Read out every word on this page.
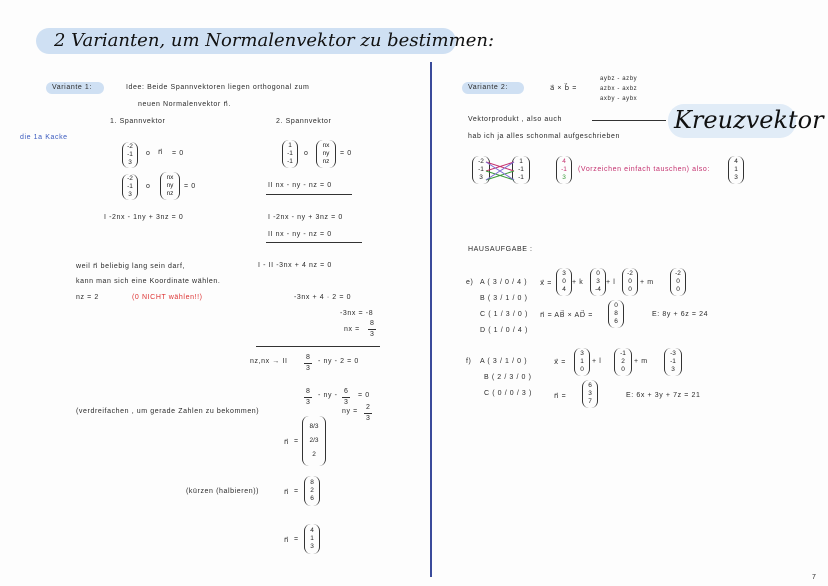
2 Varianten, um Normalenvektor zu bestimmen:
Variante 1:	Idee: Beide Spannvektoren liegen orthogonal zum
neuen Normalenvektor n⃗.
die 1a Kacke
1. Spannvektor	2. Spannvektor
-2
-1
3
o n⃗ = 0
-2
-1
3
o
nx
ny
nz
= 0
1
-1
-1
o
nx
ny
nz
= 0
II nx - ny - nz = 0
I -2nx - 1ny + 3nz = 0	I -2nx - ny + 3nz = 0
II nx - ny - nz = 0
weil n⃗ beliebig lang sein darf,
kann man sich eine Koordinate wählen.
nz = 2	(0 NICHT wählen!!)
I - II -3nx + 4 nz = 0
-3nx + 4 · 2 = 0
-3nx = -8
nx =
8
3
nz,nx → II
8
3
- ny - 2 = 0
8
3
- ny -
6
3
= 0
ny =
2
3
(verdreifachen , um gerade Zahlen zu bekommen)
n⃗ =
8/3
2/3
2
(kürzen (halbieren))	n⃗ =
8
2
6
n⃗ =
4
1
3
Variante 2:	a⃗ × b⃗ =
aybz - azby
azbx - axbz
axby - aybx
Vektorprodukt , also auch
hab ich ja alles schonmal aufgeschrieben
Kreuzvektor
-2
-1
3
1
-1
-1
4
-1
3
(Vorzeichen einfach tauschen) also:
4
1
3
HAUSAUFGABE :
e) A ( 3 / 0 / 4 )
B ( 3 / 1 / 0 )
C ( 1 / 3 / 0 )
D ( 1 / 0 / 4 )
x⃗ =
3
0
4
+ k
0
3
-4
+ l
-2
0
0
+ m
-2
0
0
n⃗ = AB⃗ × AD⃗ =
0
8
6
E: 8y + 6z = 24
f) A ( 3 / 1 / 0 )
B ( 2 / 3 / 0 )
C ( 0 / 0 / 3 )
x⃗ =
3
1
0
+ l
-1
2
0
+ m
-3
-1
3
n⃗ =
6
3
7
E: 6x + 3y + 7z = 21
7
